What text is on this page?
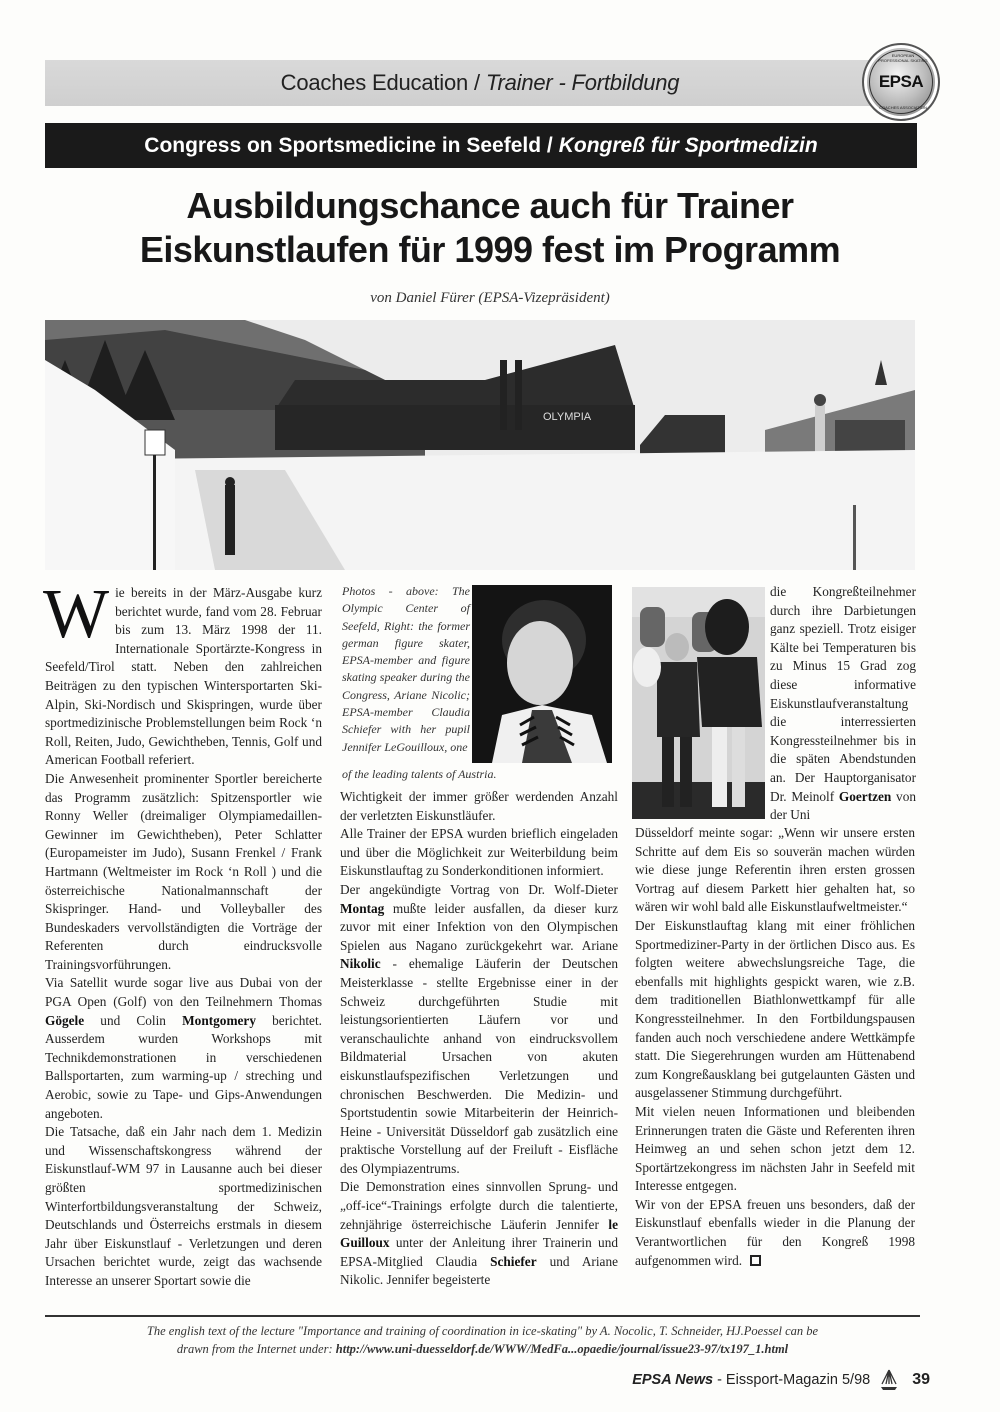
Coaches Education / Trainer - Fortbildung
EUROPEAN PROFESSIONAL SKATING
EPSA
COACHES ASSOCIATION
Congress on Sportsmedicine in Seefeld / Kongreß für Sportmedizin
Ausbildungschance auch für Trainer
Eiskunstlaufen für 1999 fest im Programm
von Daniel Fürer (EPSA-Vizepräsident)
OLYMPIA
W ie bereits in der März-Ausgabe kurz berichtet wurde, fand vom 28. Februar bis zum 13. März 1998 der 11. Internationale Sportärzte-Kongress in Seefeld/Tirol statt. Neben den zahlreichen Beiträgen zu den typischen Wintersportarten Ski-Alpin, Ski-Nordisch und Skispringen, wurde über sportmedizinische Problemstellungen beim Rock ‘n Roll, Reiten, Judo, Gewichtheben, Tennis, Golf und American Football referiert.

Die Anwesenheit prominenter Sportler bereicherte das Programm zusätzlich: Spitzensportler wie Ronny Weller (dreimaliger Olympiamedaillen-Gewinner im Gewichtheben), Peter Schlatter (Europameister im Judo), Susann Frenkel / Frank Hartmann (Weltmeister im Rock ‘n Roll ) und die österreichische Nationalmannschaft der Skispringer. Hand- und Volleyballer des Bundeskaders vervollständigten die Vorträge der Referenten durch eindrucksvolle Trainingsvorführungen.

Via Satellit wurde sogar live aus Dubai von der PGA Open (Golf) von den Teilnehmern Thomas Gögele und Colin Montgomery berichtet. Ausserdem wurden Workshops mit Technikdemonstrationen in verschiedenen Ballsportarten, zum warming-up / streching und Aerobic, sowie zu Tape- und Gips-Anwendungen angeboten.

Die Tatsache, daß ein Jahr nach dem 1. Medizin und Wissenschaftskongress während der Eiskunstlauf-WM 97 in Lausanne auch bei dieser größten sportmedizinischen Winterfortbildungsveranstaltung der Schweiz, Deutschlands und Österreichs erstmals in diesem Jahr über Eiskunstlauf - Verletzungen und deren Ursachen berichtet wurde, zeigt das wachsende Interesse an unserer Sportart sowie die

Photos - above: The Olympic Center of Seefeld, Right: the former german figure skater, EPSA-member and figure skating speaker during the Congress, Ariane Nicolic; EPSA-member Claudia Schiefer with her pupil Jennifer LeGouilloux, one
of the leading talents of Austria.
die Kongreßteilnehmer durch ihre Darbietungen ganz speziell. Trotz eisiger Kälte bei Temperaturen bis zu Minus 15 Grad zog diese informative Eiskunstlaufveranstaltung die interressierten Kongressteilnehmer bis in die späten Abendstunden an. Der Hauptorganisator Dr. Meinolf Goertzen von der Uni

Wichtigkeit der immer größer werdenden Anzahl der verletzten Eiskunstläufer.

Alle Trainer der EPSA wurden brieflich eingeladen und über die Möglichkeit zur Weiterbildung beim Eiskunstlauftag zu Sonderkonditionen informiert.

Der angekündigte Vortrag von Dr. Wolf-Dieter Montag mußte leider ausfallen, da dieser kurz zuvor mit einer Infektion von den Olympischen Spielen aus Nagano zurückgekehrt war. Ariane Nikolic - ehemalige Läuferin der Deutschen Meisterklasse - stellte Ergebnisse einer in der Schweiz durchgeführten Studie mit leistungsorientierten Läufern vor und veranschaulichte anhand von eindrucksvollem Bildmaterial Ursachen von akuten eiskunstlaufspezifischen Verletzungen und chronischen Beschwerden. Die Medizin- und Sportstudentin sowie Mitarbeiterin der Heinrich-Heine - Universität Düsseldorf gab zusätzlich eine praktische Vorstellung auf der Freiluft - Eisfläche des Olympiazentrums.

Die Demonstration eines sinnvollen Sprung- und „off-ice“-Trainings erfolgte durch die talentierte, zehnjährige österreichische Läuferin Jennifer le Guilloux unter der Anleitung ihrer Trainerin und EPSA-Mitglied Claudia Schiefer und Ariane Nikolic. Jennifer begeisterte

Düsseldorf meinte sogar: „Wenn wir unsere ersten Schritte auf dem Eis so souverän machen würden wie diese junge Referentin ihren ersten grossen Vortrag auf diesem Parkett hier gehalten hat, so wären wir wohl bald alle Eiskunstlaufweltmeister.“

Der Eiskunstlauftag klang mit einer fröhlichen Sportmediziner-Party in der örtlichen Disco aus. Es folgten weitere abwechslungsreiche Tage, die ebenfalls mit highlights gespickt waren, wie z.B. dem traditionellen Biathlonwettkampf für alle Kongressteilnehmer. In den Fortbildungspausen fanden auch noch verschiedene andere Wettkämpfe statt. Die Siegerehrungen wurden am Hüttenabend zum Kongreßausklang bei gutgelaunten Gästen und ausgelassener Stimmung durchgeführt.

Mit vielen neuen Informationen und bleibenden Erinnerungen traten die Gäste und Referenten ihren Heimweg an und sehen schon jetzt dem 12. Sportärtzekongress im nächsten Jahr in Seefeld mit Interesse entgegen.

Wir von der EPSA freuen uns besonders, daß der Eiskunstlauf ebenfalls wieder in die Planung der Verantwortlichen für den Kongreß 1998 aufgenommen wird.

The english text of the lecture "Importance and training of coordination in ice-skating" by A. Nocolic, T. Schneider, HJ.Poessel can be
drawn from the Internet under: http://www.uni-duesseldorf.de/WWW/MedFa...opaedie/journal/issue23-97/tx197_1.html
EPSA News - Eissport-Magazin 5/98	39
